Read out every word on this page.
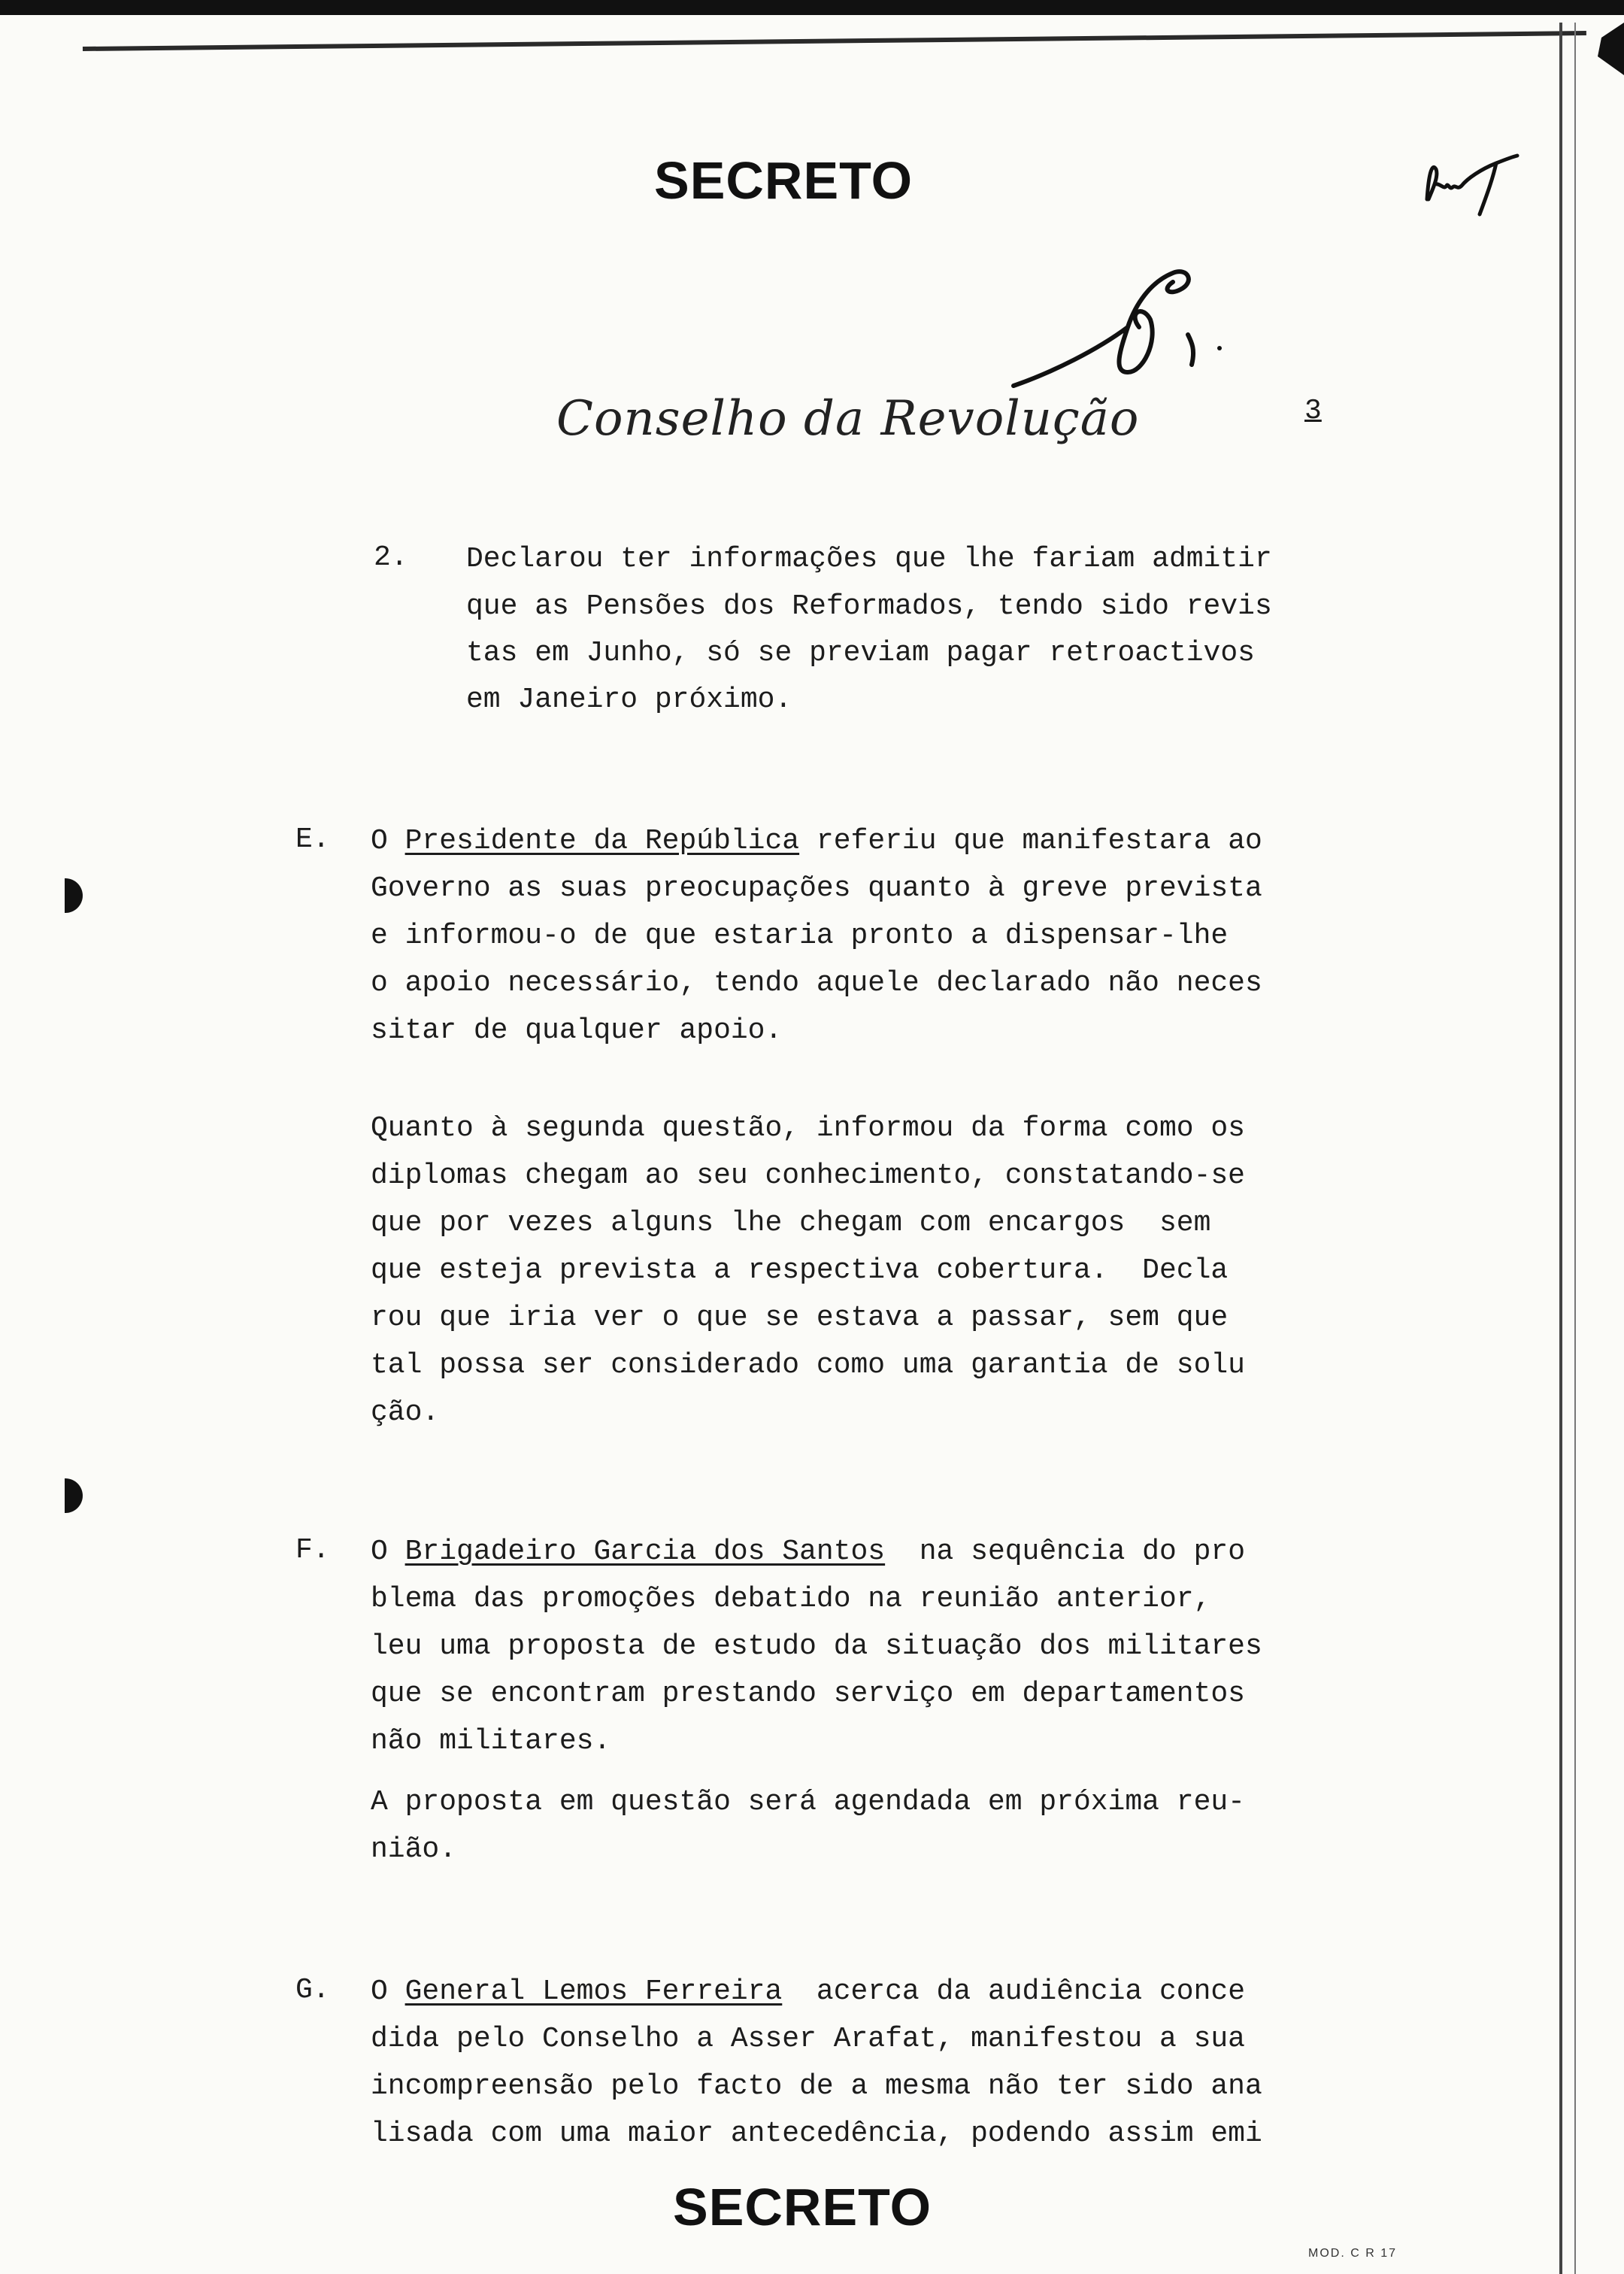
SECRETO
Conselho da Revolução	3
2. Declarou ter informações que lhe fariam admitir
que as Pensões dos Reformados, tendo sido revis
tas em Junho, só se previam pagar retroactivos
em Janeiro próximo.
E. O Presidente da República referiu que manifestara ao
Governo as suas preocupações quanto à greve prevista
e informou-o de que estaria pronto a dispensar-lhe
o apoio necessário, tendo aquele declarado não neces
sitar de qualquer apoio.
Quanto à segunda questão, informou da forma como os
diplomas chegam ao seu conhecimento, constatando-se
que por vezes alguns lhe chegam com encargos  sem
que esteja prevista a respectiva cobertura.  Decla
rou que iria ver o que se estava a passar, sem que
tal possa ser considerado como uma garantia de solu
ção.
F. O Brigadeiro Garcia dos Santos  na sequência do pro
blema das promoções debatido na reunião anterior,
leu uma proposta de estudo da situação dos militares
que se encontram prestando serviço em departamentos
não militares.
A proposta em questão será agendada em próxima reu-
nião.
G. O General Lemos Ferreira  acerca da audiência conce
dida pelo Conselho a Asser Arafat, manifestou a sua
incompreensão pelo facto de a mesma não ter sido ana
lisada com uma maior antecedência, podendo assim emi
SECRETO
MOD. C R 17
